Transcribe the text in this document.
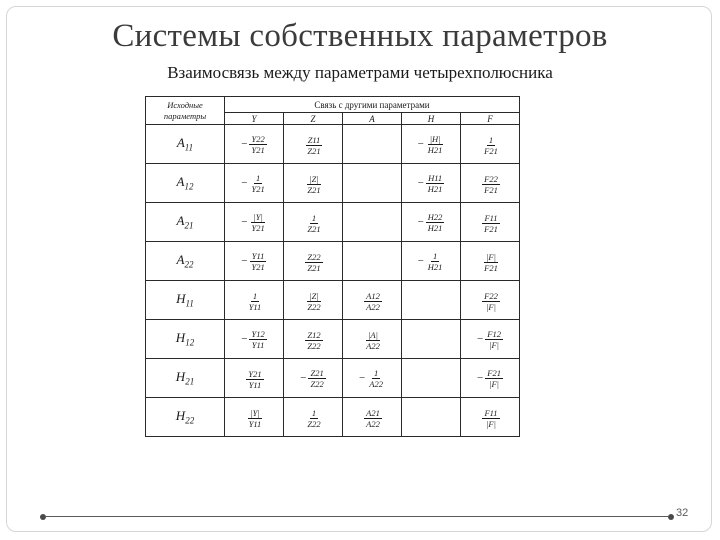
Системы собственных параметров
Взаимосвязь между параметрами четырехполюсника
Исходные параметры	Связь с другими параметрами				
	Y	Z	A	H	F
$A_{11}$	− $\frac{Y22}{Y21}$	$\frac{Z11}{Z21}$		− $\frac{|H|}{H21}$	$\frac{1}{F21}$

$A_{12}$	− $\frac{1}{Y21}$	$\frac{|Z|}{Z21}$		− $\frac{H11}{H21}$	$\frac{F22}{F21}$

$A_{21}$	− $\frac{|Y|}{Y21}$	$\frac{1}{Z21}$		− $\frac{H22}{H21}$	$\frac{F11}{F21}$

$A_{22}$	− $\frac{Y11}{Y21}$	$\frac{Z22}{Z21}$		− $\frac{1}{H21}$	$\frac{|F|}{F21}$

$H_{11}$	$\frac{1}{Y11}$	$\frac{|Z|}{Z22}$	$\frac{A12}{A22}$		$\frac{F22}{|F|}$

$H_{12}$	− $\frac{Y12}{Y11}$	$\frac{Z12}{Z22}$	$\frac{|A|}{A22}$		− $\frac{F12}{|F|}$

$H_{21}$	$\frac{Y21}{Y11}$	− $\frac{Z21}{Z22}$	− $\frac{1}{A22}$		− $\frac{F21}{|F|}$

$H_{22}$	$\frac{|Y|}{Y11}$	$\frac{1}{Z22}$	$\frac{A21}{A22}$		$\frac{F11}{|F|}$
32
